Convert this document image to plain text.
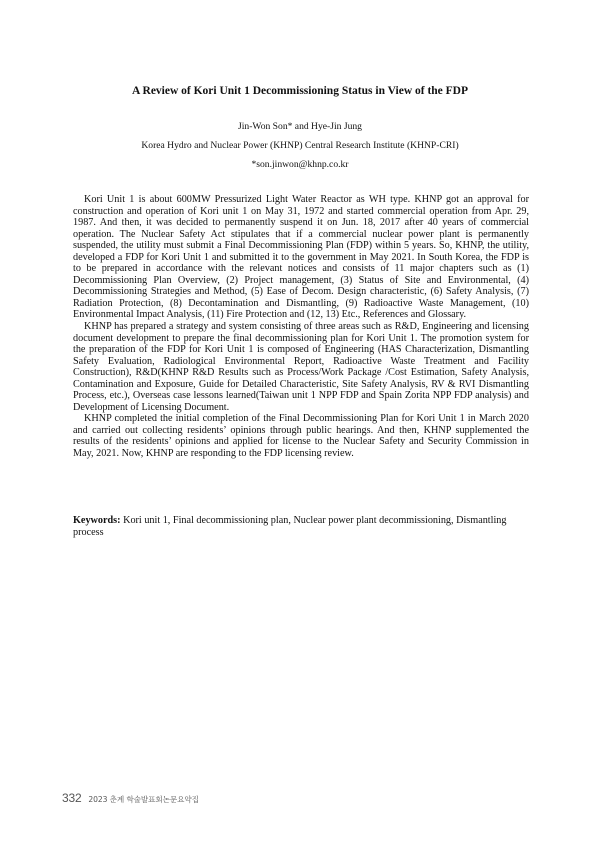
A Review of Kori Unit 1 Decommissioning Status in View of the FDP

Jin-Won Son* and Hye-Jin Jung

Korea Hydro and Nuclear Power (KHNP) Central Research Institute (KHNP-CRI)

*son.jinwon@khnp.co.kr

Kori Unit 1 is about 600MW Pressurized Light Water Reactor as WH type. KHNP got an approval for construction and operation of Kori unit 1 on May 31, 1972 and started commercial operation from Apr. 29, 1987. And then, it was decided to permanently suspend it on Jun. 18, 2017 after 40 years of commercial operation. The Nuclear Safety Act stipulates that if a commercial nuclear power plant is permanently suspended, the utility must submit a Final Decommissioning Plan (FDP) within 5 years. So, KHNP, the utility, developed a FDP for Kori Unit 1 and submitted it to the government in May 2021. In South Korea, the FDP is to be prepared in accordance with the relevant notices and consists of 11 major chapters such as (1) Decommissioning Plan Overview, (2) Project management, (3) Status of Site and Environmental, (4) Decommissioning Strategies and Method, (5) Ease of Decom. Design characteristic, (6) Safety Analysis, (7) Radiation Protection, (8) Decontamination and Dismantling, (9) Radioactive Waste Management, (10) Environmental Impact Analysis, (11) Fire Protection and (12, 13) Etc., References and Glossary.

KHNP has prepared a strategy and system consisting of three areas such as R&D, Engineering and licensing document development to prepare the final decommissioning plan for Kori Unit 1. The promotion system for the preparation of the FDP for Kori Unit 1 is composed of Engineering (HAS Characterization, Dismantling Safety Evaluation, Radiological Environmental Report, Radioactive Waste Treatment and Facility Construction), R&D(KHNP R&D Results such as Process/Work Package /Cost Estimation, Safety Analysis, Contamination and Exposure, Guide for Detailed Characteristic, Site Safety Analysis, RV & RVI Dismantling Process, etc.), Overseas case lessons learned(Taiwan unit 1 NPP FDP and Spain Zorita NPP FDP analysis) and Development of Licensing Document.

KHNP completed the initial completion of the Final Decommissioning Plan for Kori Unit 1 in March 2020 and carried out collecting residents’ opinions through public hearings. And then, KHNP supplemented the results of the residents’ opinions and applied for license to the Nuclear Safety and Security Commission in May, 2021. Now, KHNP are responding to the FDP licensing review.

Keywords: Kori unit 1, Final decommissioning plan, Nuclear power plant decommissioning, Dismantling process

332 2023 춘계 학술발표회논문요약집
